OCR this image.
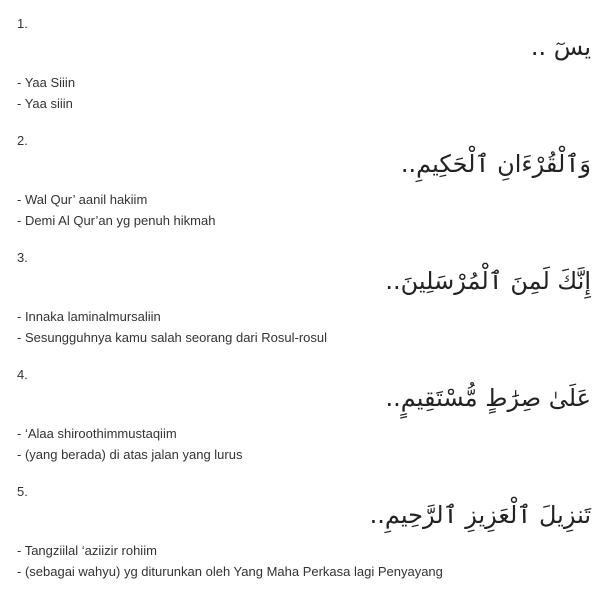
1.

يسٓ ..

- Yaa Siiin

- Yaa siiin

2.

وَ⁠ٱلْقُرْءَانِ ⁠ٱلْحَكِيمِ..

- Wal Qur’ aanil hakiim

- Demi Al Qur’an yg penuh hikmah

3.

إِنَّكَ لَمِنَ ⁠ٱلْمُرْسَلِينَ..

- Innaka laminalmursaliin

- Sesungguhnya kamu salah seorang dari Rosul-rosul

4.

عَلَىٰ صِرَٰطٍ مُّسْتَقِيمٍ..

- ‘Alaa shiroothimmustaqiim

- (yang berada) di atas jalan yang lurus

5.

تَنزِيلَ ⁠ٱلْعَزِيزِ ⁠ٱلرَّحِيمِ..

- Tangziilal ‘aziizir rohiim

- (sebagai wahyu) yg diturunkan oleh Yang Maha Perkasa lagi Penyayang
